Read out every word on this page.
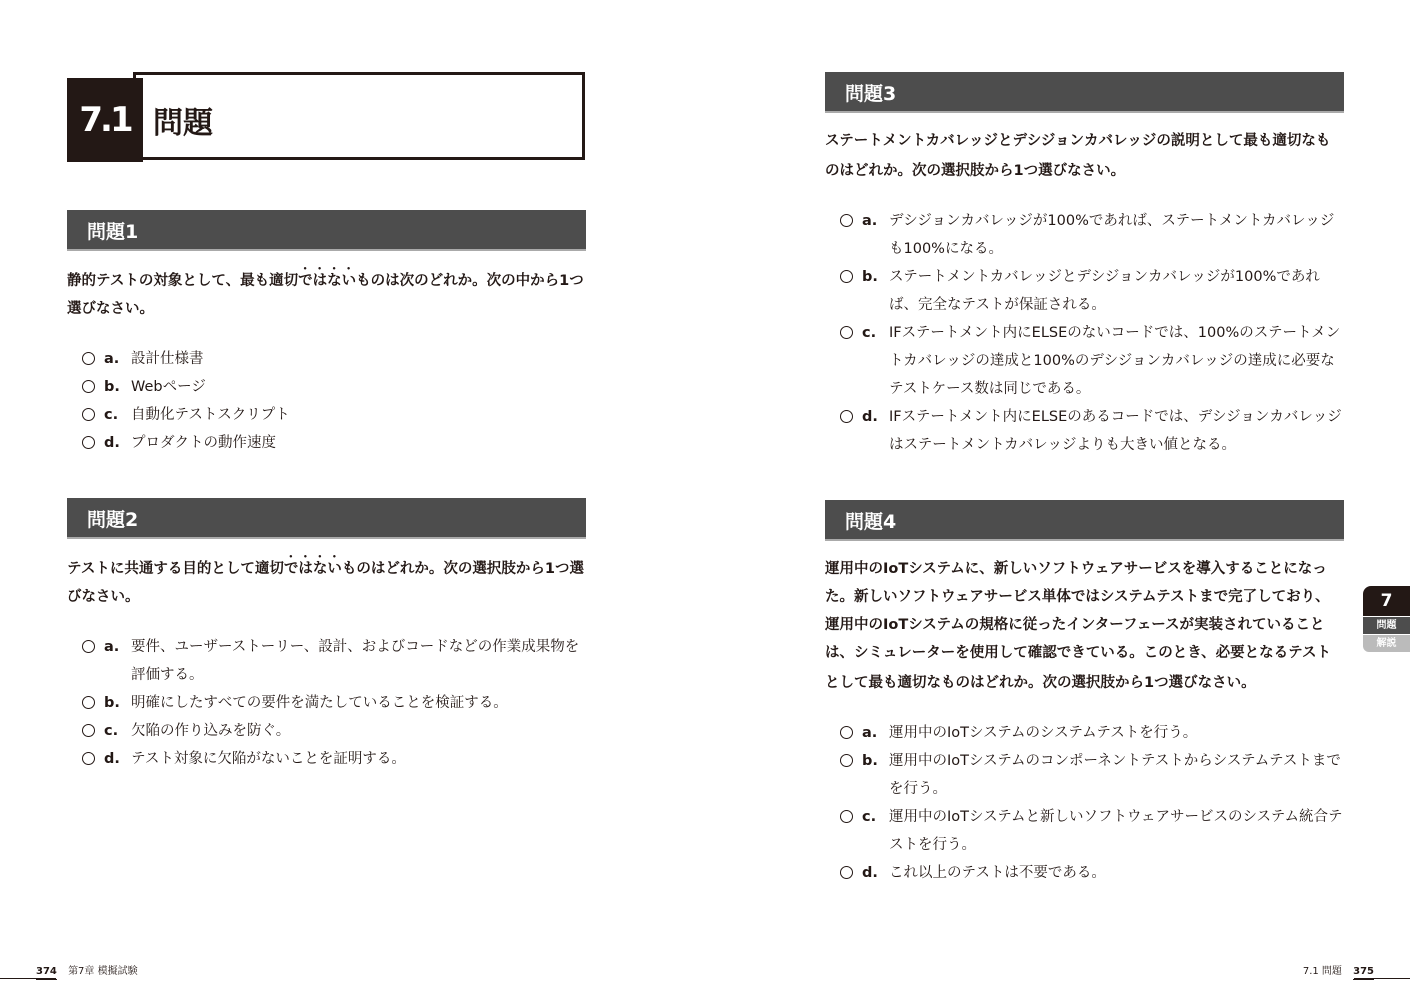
7.1 問題
問題1
静的テストの対象として、最も適切ではないものは次のどれか。次の中から1つ選びなさい。
a. 設計仕様書
b. Webページ
c. 自動化テストスクリプト
d. プロダクトの動作速度
問題2
テストに共通する目的として適切ではないものはどれか。次の選択肢から1つ選びなさい。
a. 要件、ユーザーストーリー、設計、およびコードなどの作業成果物を評価する。
b. 明確にしたすべての要件を満たしていることを検証する。
c. 欠陥の作り込みを防ぐ。
d. テスト対象に欠陥がないことを証明する。
問題3
ステートメントカバレッジとデシジョンカバレッジの説明として最も適切なものはどれか。次の選択肢から1つ選びなさい。
a. デシジョンカバレッジが100%であれば、ステートメントカバレッジも100%になる。
b. ステートメントカバレッジとデシジョンカバレッジが100%であれば、完全なテストが保証される。
c. IFステートメント内にELSEのないコードでは、100%のステートメントカバレッジの達成と100%のデシジョンカバレッジの達成に必要なテストケース数は同じである。
d. IFステートメント内にELSEのあるコードでは、デシジョンカバレッジはステートメントカバレッジよりも大きい値となる。
問題4
運用中のIoTシステムに、新しいソフトウェアサービスを導入することになった。新しいソフトウェアサービス単体ではシステムテストまで完了しており、運用中のIoTシステムの規格に従ったインターフェースが実装されていることは、シミュレーターを使用して確認できている。このとき、必要となるテストとして最も適切なものはどれか。次の選択肢から1つ選びなさい。
a. 運用中のIoTシステムのシステムテストを行う。
b. 運用中のIoTシステムのコンポーネントテストからシステムテストまでを行う。
c. 運用中のIoTシステムと新しいソフトウェアサービスのシステム統合テストを行う。
d. これ以上のテストは不要である。
7
問題
解説
374 第7章 模擬試験	7.1 問題 375
